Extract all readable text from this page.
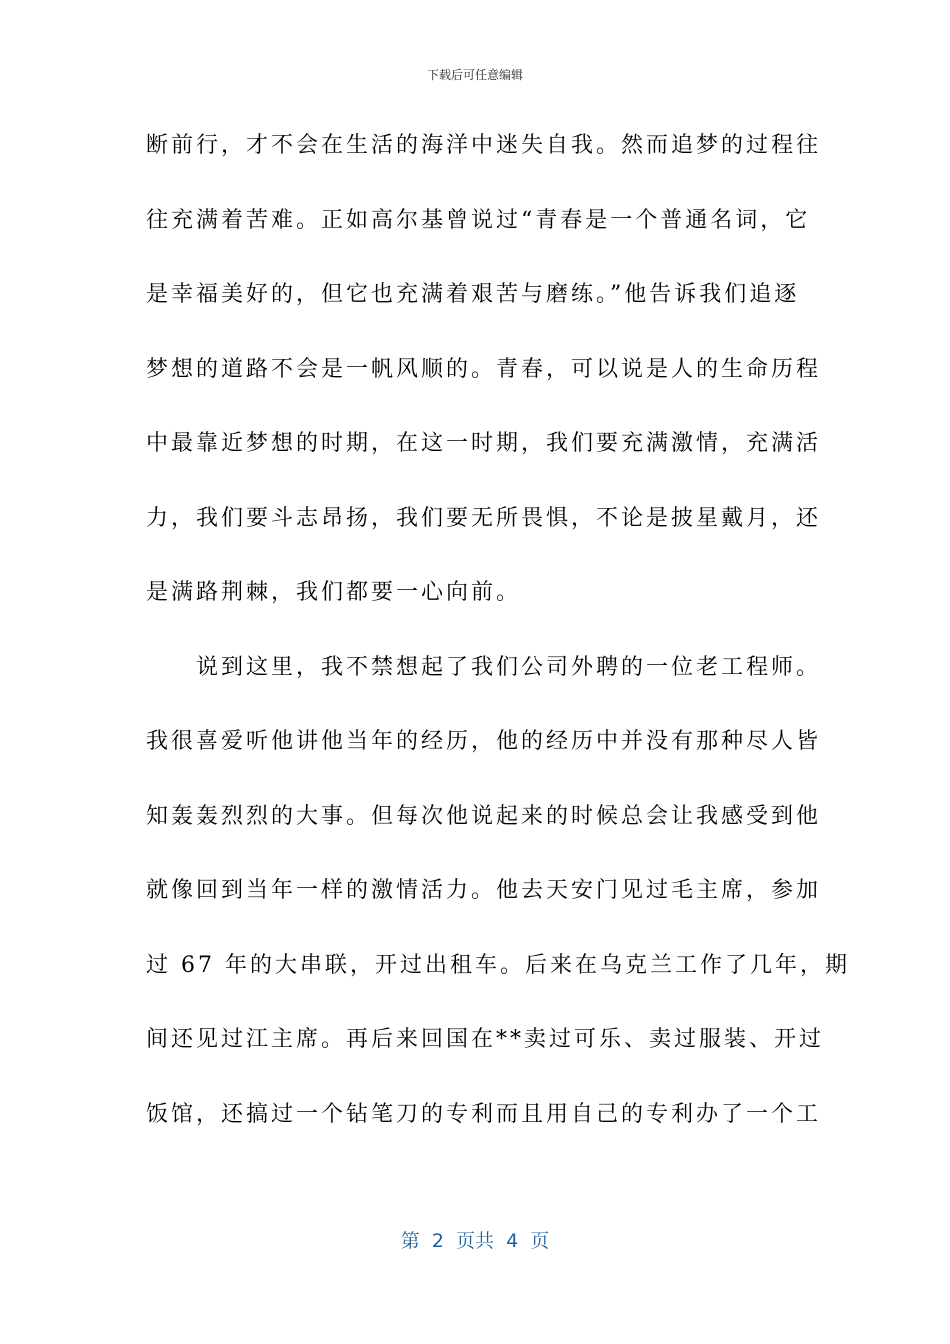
下载后可任意编辑
断前行，才不会在生活的海洋中迷失自我。然而追梦的过程往
往充满着苦难。正如高尔基曾说过“青春是一个普通名词，它
是幸福美好的，但它也充满着艰苦与磨练。”他告诉我们追逐
梦想的道路不会是一帆风顺的。青春，可以说是人的生命历程
中最靠近梦想的时期，在这一时期，我们要充满激情，充满活
力，我们要斗志昂扬，我们要无所畏惧，不论是披星戴月，还
是满路荆棘，我们都要一心向前。
　　说到这里，我不禁想起了我们公司外聘的一位老工程师。
我很喜爱听他讲他当年的经历，他的经历中并没有那种尽人皆
知轰轰烈烈的大事。但每次他说起来的时候总会让我感受到他
就像回到当年一样的激情活力。他去天安门见过毛主席，参加
过 67 年的大串联，开过出租车。后来在乌克兰工作了几年，期
间还见过江主席。再后来回国在**卖过可乐、卖过服装、开过
饭馆，还搞过一个钻笔刀的专利而且用自己的专利办了一个工
第  2  页共  4  页
